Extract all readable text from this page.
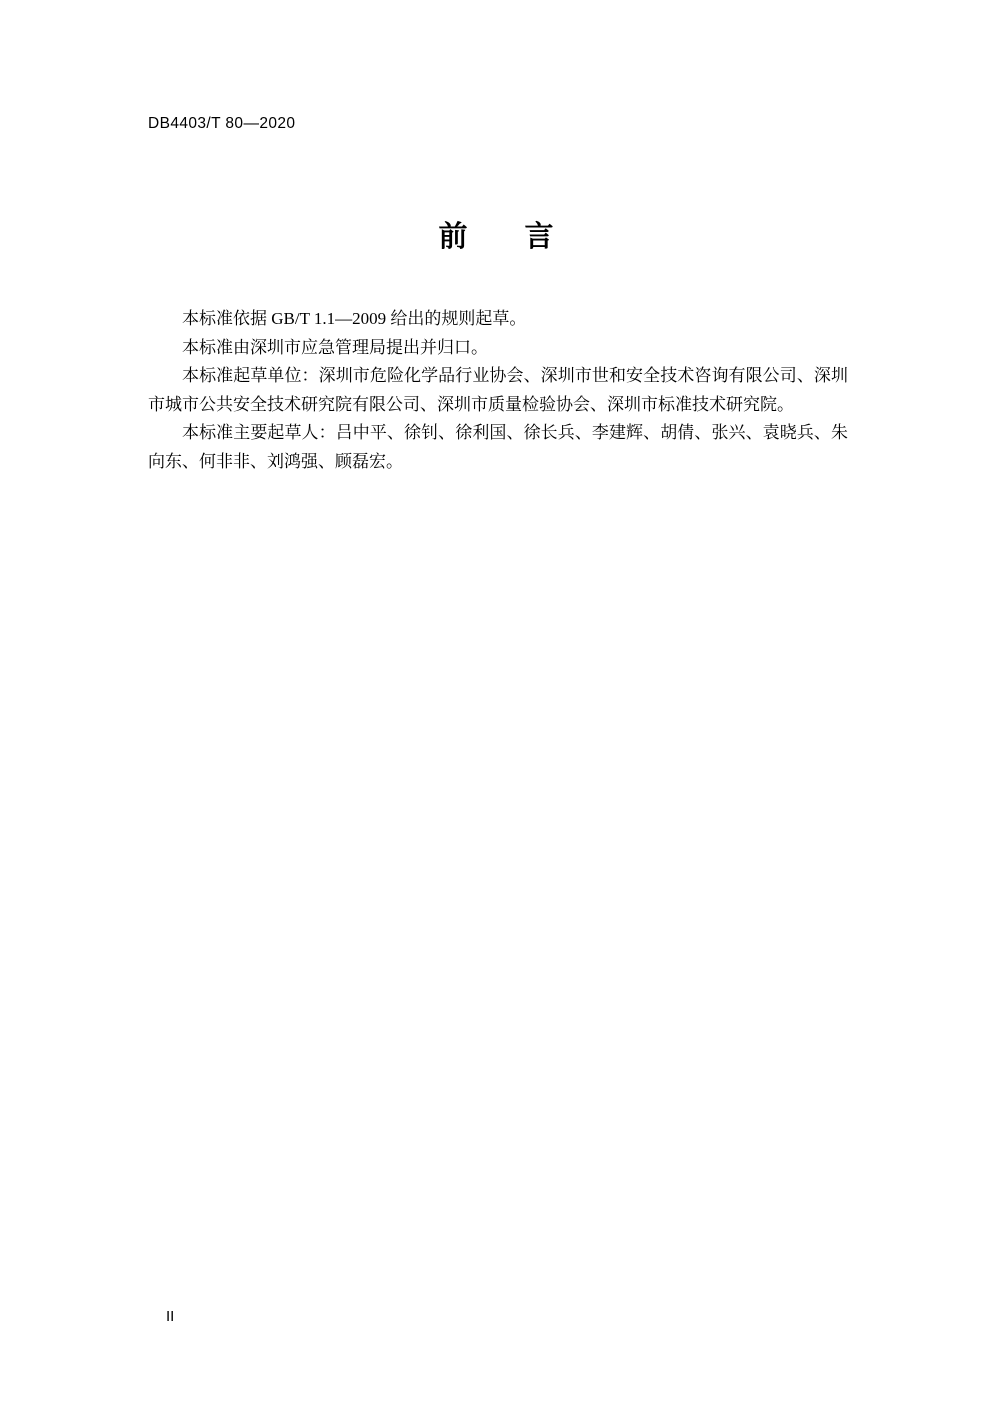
DB4403/T 80—2020
前　言

本标准依据 GB/T 1.1—2009 给出的规则起草。

本标准由深圳市应急管理局提出并归口。

本标准起草单位：深圳市危险化学品行业协会、深圳市世和安全技术咨询有限公司、深圳市城市公共安全技术研究院有限公司、深圳市质量检验协会、深圳市标准技术研究院。

本标准主要起草人：吕中平、徐钊、徐利国、徐长兵、李建辉、胡倩、张兴、袁晓兵、朱向东、何非非、刘鸿强、顾磊宏。

II
